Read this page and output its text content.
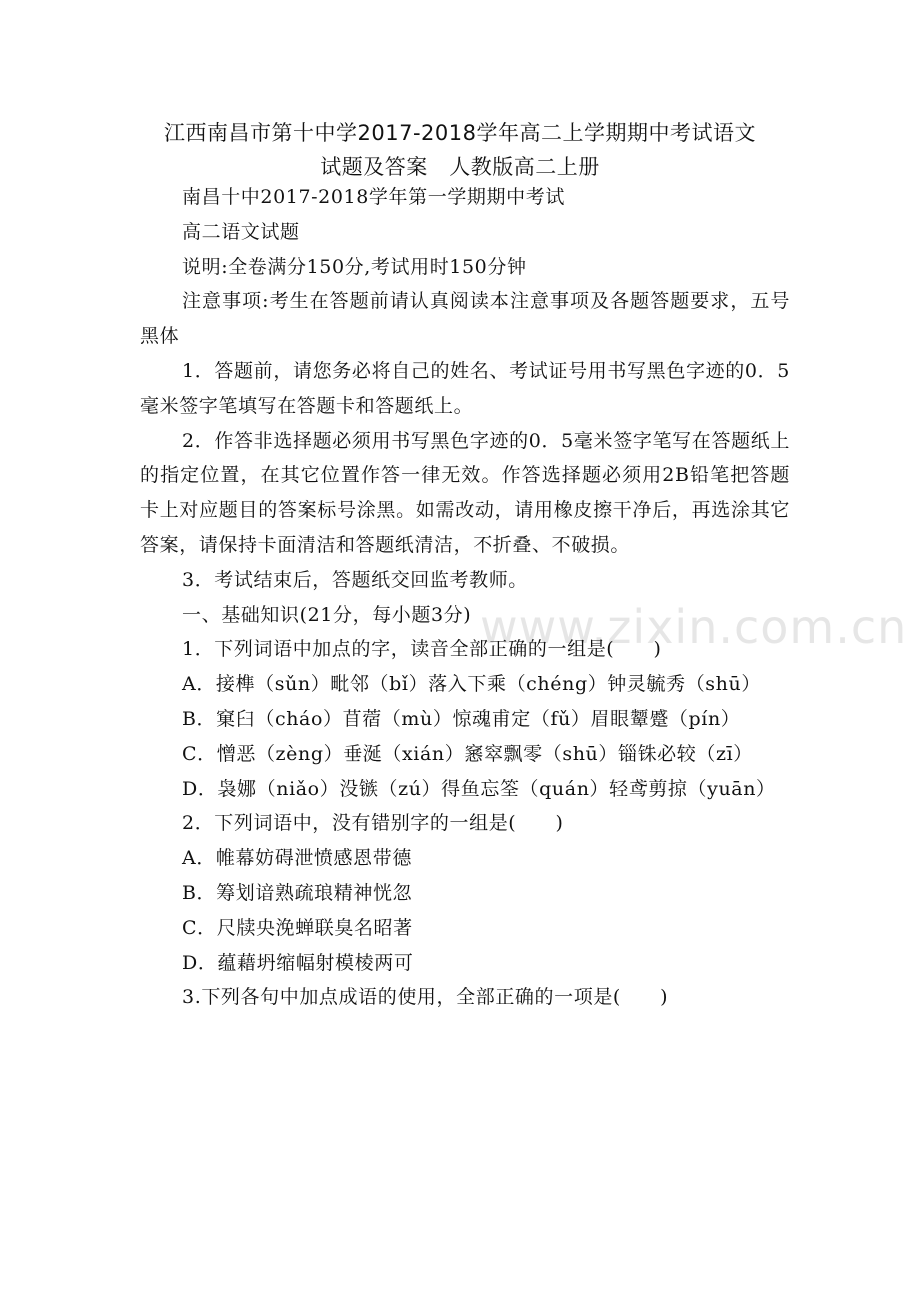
江西南昌市第十中学2017-2018学年高二上学期期中考试语文
试题及答案　人教版高二上册
www.zixin.com.cn

南昌十中2017-2018学年第一学期期中考试

高二语文试题

说明:全卷满分150分,考试用时150分钟

注意事项:考生在答题前请认真阅读本注意事项及各题答题要求，五号黑体

1．答题前，请您务必将自己的姓名、考试证号用书写黑色字迹的0．5毫米签字笔填写在答题卡和答题纸上。

2．作答非选择题必须用书写黑色字迹的0．5毫米签字笔写在答题纸上的指定位置，在其它位置作答一律无效。作答选择题必须用2B铅笔把答题卡上对应题目的答案标号涂黑。如需改动，请用橡皮擦干净后，再选涂其它答案，请保持卡面清洁和答题纸清洁，不折叠、不破损。

3．考试结束后，答题纸交回监考教师。

一、基础知识(21分，每小题3分)

1．下列词语中加点的字，读音全部正确的一组是(　　)

A．接榫（sǔn）毗邻（bǐ）落入下乘（chéng）钟灵毓秀（shū）

B．窠臼（cháo）苜蓿（mù）惊魂甫定（fǔ）眉眼颦蹙（pín）

C．憎恶（zèng）垂涎（xián）窸窣飘零（shū）锱铢必较（zī）

D．袅娜（niǎo）没镞（zú）得鱼忘筌（quán）轻鸢剪掠（yuān）

2．下列词语中，没有错别字的一组是(　　)

A．帷幕妨碍泄愤感恩带德

B．筹划谙熟疏琅精神恍忽

C．尺牍央浼蝉联臭名昭著

D．蕴藉坍缩幅射模棱两可

3.下列各句中加点成语的使用，全部正确的一项是(　　)
